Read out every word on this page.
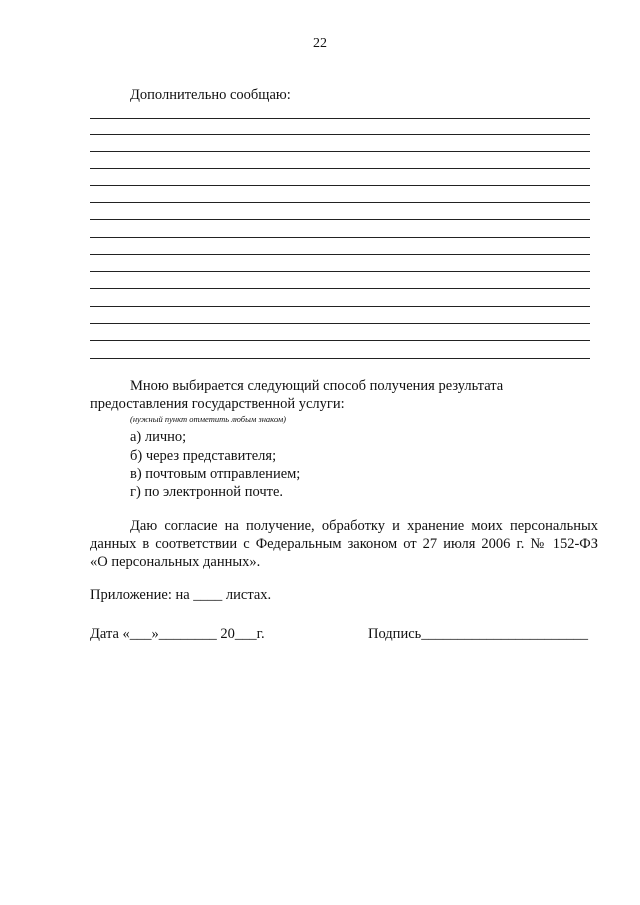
22
Дополнительно сообщаю:
Мною выбирается следующий способ получения результата
предоставления государственной услуги:
(нужный пункт отметить любым знаком)
а) лично;
б) через представителя;
в) почтовым отправлением;
г) по электронной почте.
Даю согласие на получение, обработку и хранение моих персональных
данных в соответствии с Федеральным законом от 27 июля 2006 г. № 152-ФЗ
«О персональных данных».
Приложение: на ____ листах.
Дата «___»________ 20___г.	Подпись_______________________
